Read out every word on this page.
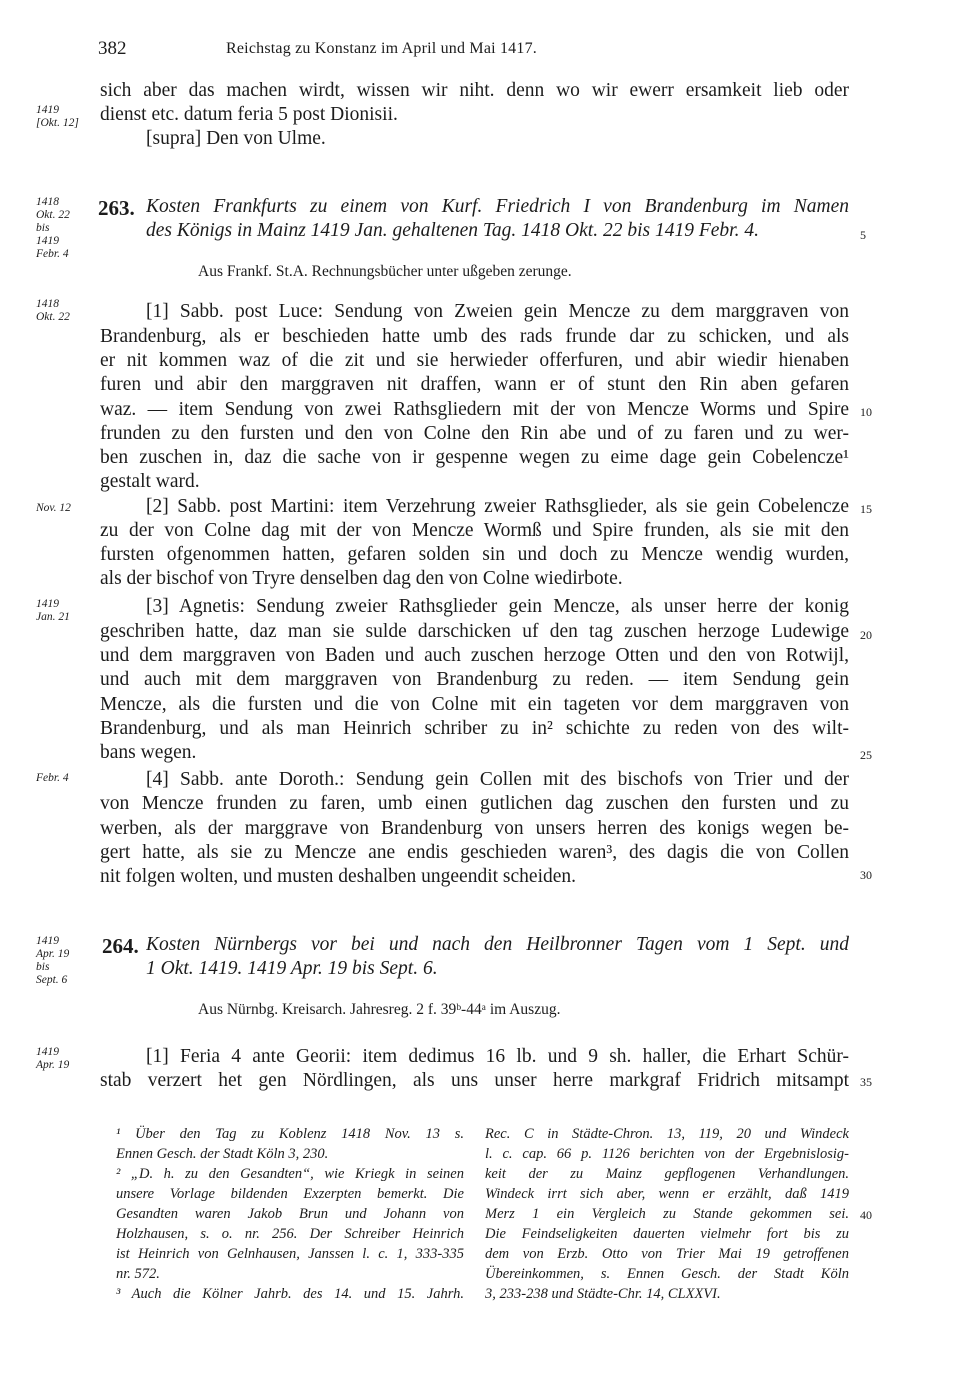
382	Reichstag zu Konstanz im April und Mai 1417.
sich aber das machen wirdt, wissen wir niht. denn wo wir ewerr ersamkeit lieb oder
dienst etc. datum feria 5 post Dionisii.
[supra] Den von Ulme.
1419
[Okt. 12]
1418
Okt. 22
bis
1419
Febr. 4
1418
Okt. 22
Nov. 12
1419
Jan. 21
Febr. 4
1419
Apr. 19
bis
Sept. 6
1419
Apr. 19
5
10
15
20
25
30
35
40
263. Kosten Frankfurts zu einem von Kurf. Friedrich I von Brandenburg im Namen
des Königs in Mainz 1419 Jan. gehaltenen Tag. 1418 Okt. 22 bis 1419 Febr. 4.
Aus Frankf. St.A. Rechnungsbücher unter ußgeben zerunge.
[1] Sabb. post Luce: Sendung von Zweien gein Mencze zu dem marggraven von
Brandenburg, als er beschieden hatte umb des rads frunde dar zu schicken, und als
er nit kommen waz of die zit und sie herwieder offerfuren, und abir wiedir hienaben
furen und abir den marggraven nit draffen, wann er of stunt den Rin aben gefaren
waz. — item Sendung von zwei Rathsgliedern mit der von Mencze Worms und Spire
frunden zu den fursten und den von Colne den Rin abe und of zu faren und zu wer-
ben zuschen in, daz die sache von ir gespenne wegen zu eime dage gein Cobelencze¹
gestalt ward.
[2] Sabb. post Martini: item Verzehrung zweier Rathsglieder, als sie gein Cobelencze
zu der von Colne dag mit der von Mencze Wormß und Spire frunden, als sie mit den
fursten ofgenommen hatten, gefaren solden sin und doch zu Mencze wendig wurden,
als der bischof von Tryre denselben dag den von Colne wiedirbote.
[3] Agnetis: Sendung zweier Rathsglieder gein Mencze, als unser herre der konig
geschriben hatte, daz man sie sulde darschicken uf den tag zuschen herzoge Ludewige
und dem marggraven von Baden und auch zuschen herzoge Otten und den von Rotwijl,
und auch mit dem marggraven von Brandenburg zu reden. — item Sendung gein
Mencze, als die fursten und die von Colne mit ein tageten vor dem marggraven von
Brandenburg, und als man Heinrich schriber zu in² schichte zu reden von des wilt-
bans wegen.
[4] Sabb. ante Doroth.: Sendung gein Collen mit des bischofs von Trier und der
von Mencze frunden zu faren, umb einen gutlichen dag zuschen den fursten und zu
werben, als der marggrave von Brandenburg von unsers herren des konigs wegen be-
gert hatte, als sie zu Mencze ane endis geschieden waren³, des dagis die von Collen
nit folgen wolten, und musten deshalben ungeendit scheiden.
264. Kosten Nürnbergs vor bei und nach den Heilbronner Tagen vom 1 Sept. und
1 Okt. 1419. 1419 Apr. 19 bis Sept. 6.
Aus Nürnbg. Kreisarch. Jahresreg. 2 f. 39ᵇ-44ᵃ im Auszug.
[1] Feria 4 ante Georii: item dedimus 16 lb. und 9 sh. haller, die Erhart Schür-
stab verzert het gen Nördlingen, als uns unser herre markgraf Fridrich mitsampt
¹ Über den Tag zu Koblenz 1418 Nov. 13 s.
Ennen Gesch. der Stadt Köln 3, 230.
² „D. h. zu den Gesandten“, wie Kriegk in seinen
unsere Vorlage bildenden Exzerpten bemerkt. Die
Gesandten waren Jakob Brun und Johann von
Holzhausen, s. o. nr. 256. Der Schreiber Heinrich
ist Heinrich von Gelnhausen, Janssen l. c. 1, 333-335
nr. 572.
³ Auch die Kölner Jahrb. des 14. und 15. Jahrh.
Rec. C in Städte-Chron. 13, 119, 20 und Windeck
l. c. cap. 66 p. 1126 berichten von der Ergebnislosig-
keit der zu Mainz gepflogenen Verhandlungen.
Windeck irrt sich aber, wenn er erzählt, daß 1419
Merz 1 ein Vergleich zu Stande gekommen sei.
Die Feindseligkeiten dauerten vielmehr fort bis zu
dem von Erzb. Otto von Trier Mai 19 getroffenen
Übereinkommen, s. Ennen Gesch. der Stadt Köln
3, 233-238 und Städte-Chr. 14, CLXXVI.
